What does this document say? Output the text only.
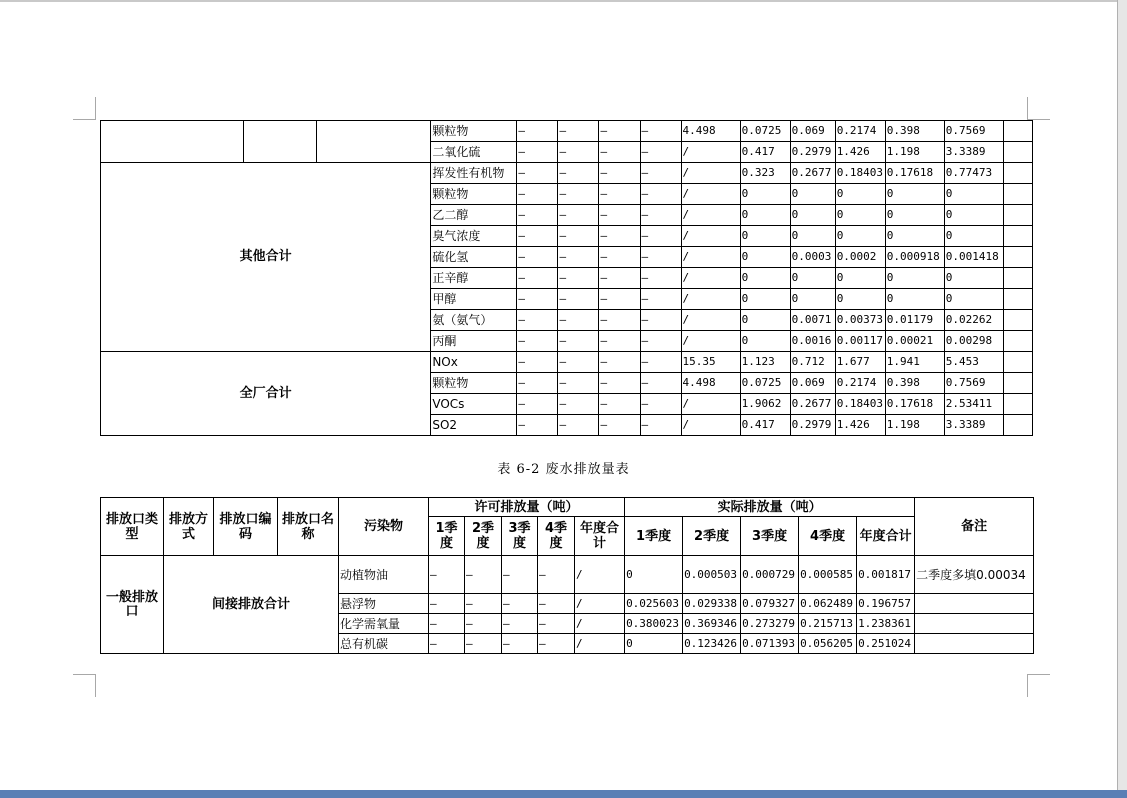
			颗粒物	–	–	–	–	4.498	0.0725	0.069	0.2174	0.398	0.7569	
			二氧化硫	–	–	–	–	/	0.417	0.2979	1.426	1.198	3.3389	
其他合计			挥发性有机物	–	–	–	–	/	0.323	0.2677	0.18403	0.17618	0.77473	
			颗粒物	–	–	–	–	/	0	0	0	0	0	
			乙二醇	–	–	–	–	/	0	0	0	0	0	
			臭气浓度	–	–	–	–	/	0	0	0	0	0	
			硫化氢	–	–	–	–	/	0	0.0003	0.0002	0.000918	0.001418	
			正辛醇	–	–	–	–	/	0	0	0	0	0	
			甲醇	–	–	–	–	/	0	0	0	0	0	
			氨（氨气）	–	–	–	–	/	0	0.0071	0.00373	0.01179	0.02262	
			丙酮	–	–	–	–	/	0	0.0016	0.00117	0.00021	0.00298	
全厂合计			NOx	–	–	–	–	15.35	1.123	0.712	1.677	1.941	5.453	
			颗粒物	–	–	–	–	4.498	0.0725	0.069	0.2174	0.398	0.7569	
			VOCs	–	–	–	–	/	1.9062	0.2677	0.18403	0.17618	2.53411	
			SO2	–	–	–	–	/	0.417	0.2979	1.426	1.198	3.3389	
表 6-2 废水排放量表
排放口类型	排放方式	排放口编码	排放口名称	污染物	许可排放量（吨）					实际排放量（吨）					备注
					1季度	2季度	3季度	4季度	年度合计	1季度	2季度	3季度	4季度	年度合计	
一般排放口	间接排放合计			动植物油	–	–	–	–	/	0	0.000503	0.000729	0.000585	0.001817	二季度多填0.00034
				悬浮物	–	–	–	–	/	0.025603	0.029338	0.079327	0.062489	0.196757	
				化学需氧量	–	–	–	–	/	0.380023	0.369346	0.273279	0.215713	1.238361	
				总有机碳	–	–	–	–	/	0	0.123426	0.071393	0.056205	0.251024	
